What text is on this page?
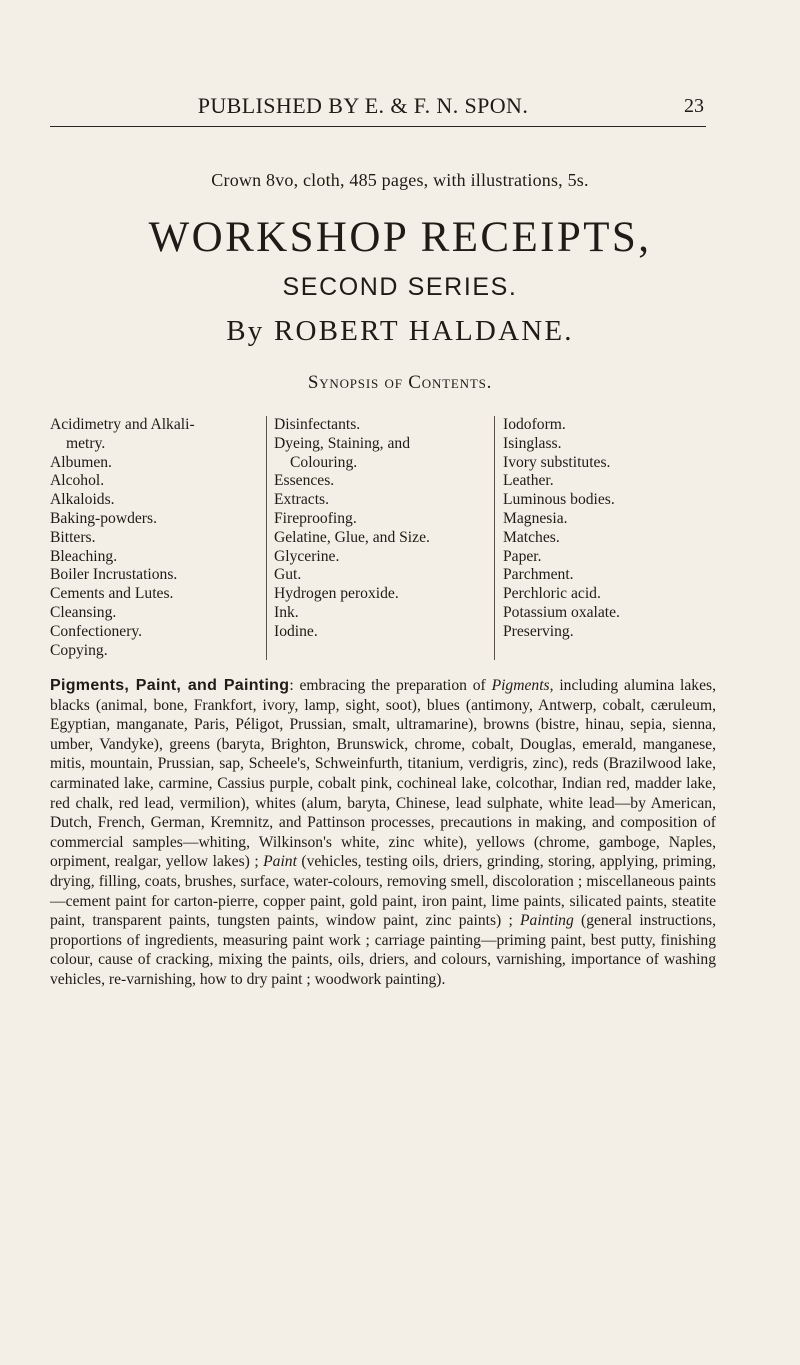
PUBLISHED BY E. & F. N. SPON.	23
Crown 8vo, cloth, 485 pages, with illustrations, 5s.
WORKSHOP RECEIPTS,
SECOND SERIES.
By ROBERT HALDANE.
Synopsis of Contents.
Acidimetry and Alkali-
metry.
Albumen.
Alcohol.
Alkaloids.
Baking-powders.
Bitters.
Bleaching.
Boiler Incrustations.
Cements and Lutes.
Cleansing.
Confectionery.
Copying.
Disinfectants.
Dyeing, Staining, and
Colouring.
Essences.
Extracts.
Fireproofing.
Gelatine, Glue, and Size.
Glycerine.
Gut.
Hydrogen peroxide.
Ink.
Iodine.
Iodoform.
Isinglass.
Ivory substitutes.
Leather.
Luminous bodies.
Magnesia.
Matches.
Paper.
Parchment.
Perchloric acid.
Potassium oxalate.
Preserving.

Pigments, Paint, and Painting: embracing the preparation of Pigments, including alumina lakes, blacks (animal, bone, Frankfort, ivory, lamp, sight, soot), blues (antimony, Antwerp, cobalt, cæruleum, Egyptian, manganate, Paris, Péligot, Prussian, smalt, ultramarine), browns (bistre, hinau, sepia, sienna, umber, Vandyke), greens (baryta, Brighton, Brunswick, chrome, cobalt, Douglas, emerald, manganese, mitis, mountain, Prussian, sap, Scheele's, Schweinfurth, titanium, verdigris, zinc), reds (Brazilwood lake, carminated lake, carmine, Cassius purple, cobalt pink, cochineal lake, colcothar, Indian red, madder lake, red chalk, red lead, vermilion), whites (alum, baryta, Chinese, lead sulphate, white lead—by American, Dutch, French, German, Kremnitz, and Pattinson processes, precautions in making, and composition of commercial samples—whiting, Wilkinson's white, zinc white), yellows (chrome, gamboge, Naples, orpiment, realgar, yellow lakes) ; Paint (vehicles, testing oils, driers, grinding, storing, applying, priming, drying, filling, coats, brushes, surface, water-colours, removing smell, discoloration ; miscellaneous paints—cement paint for carton-pierre, copper paint, gold paint, iron paint, lime paints, silicated paints, steatite paint, transparent paints, tungsten paints, window paint, zinc paints) ; Painting (general instructions, proportions of ingredients, measuring paint work ; carriage painting—priming paint, best putty, finishing colour, cause of cracking, mixing the paints, oils, driers, and colours, varnishing, importance of washing vehicles, re-varnishing, how to dry paint ; woodwork painting).
